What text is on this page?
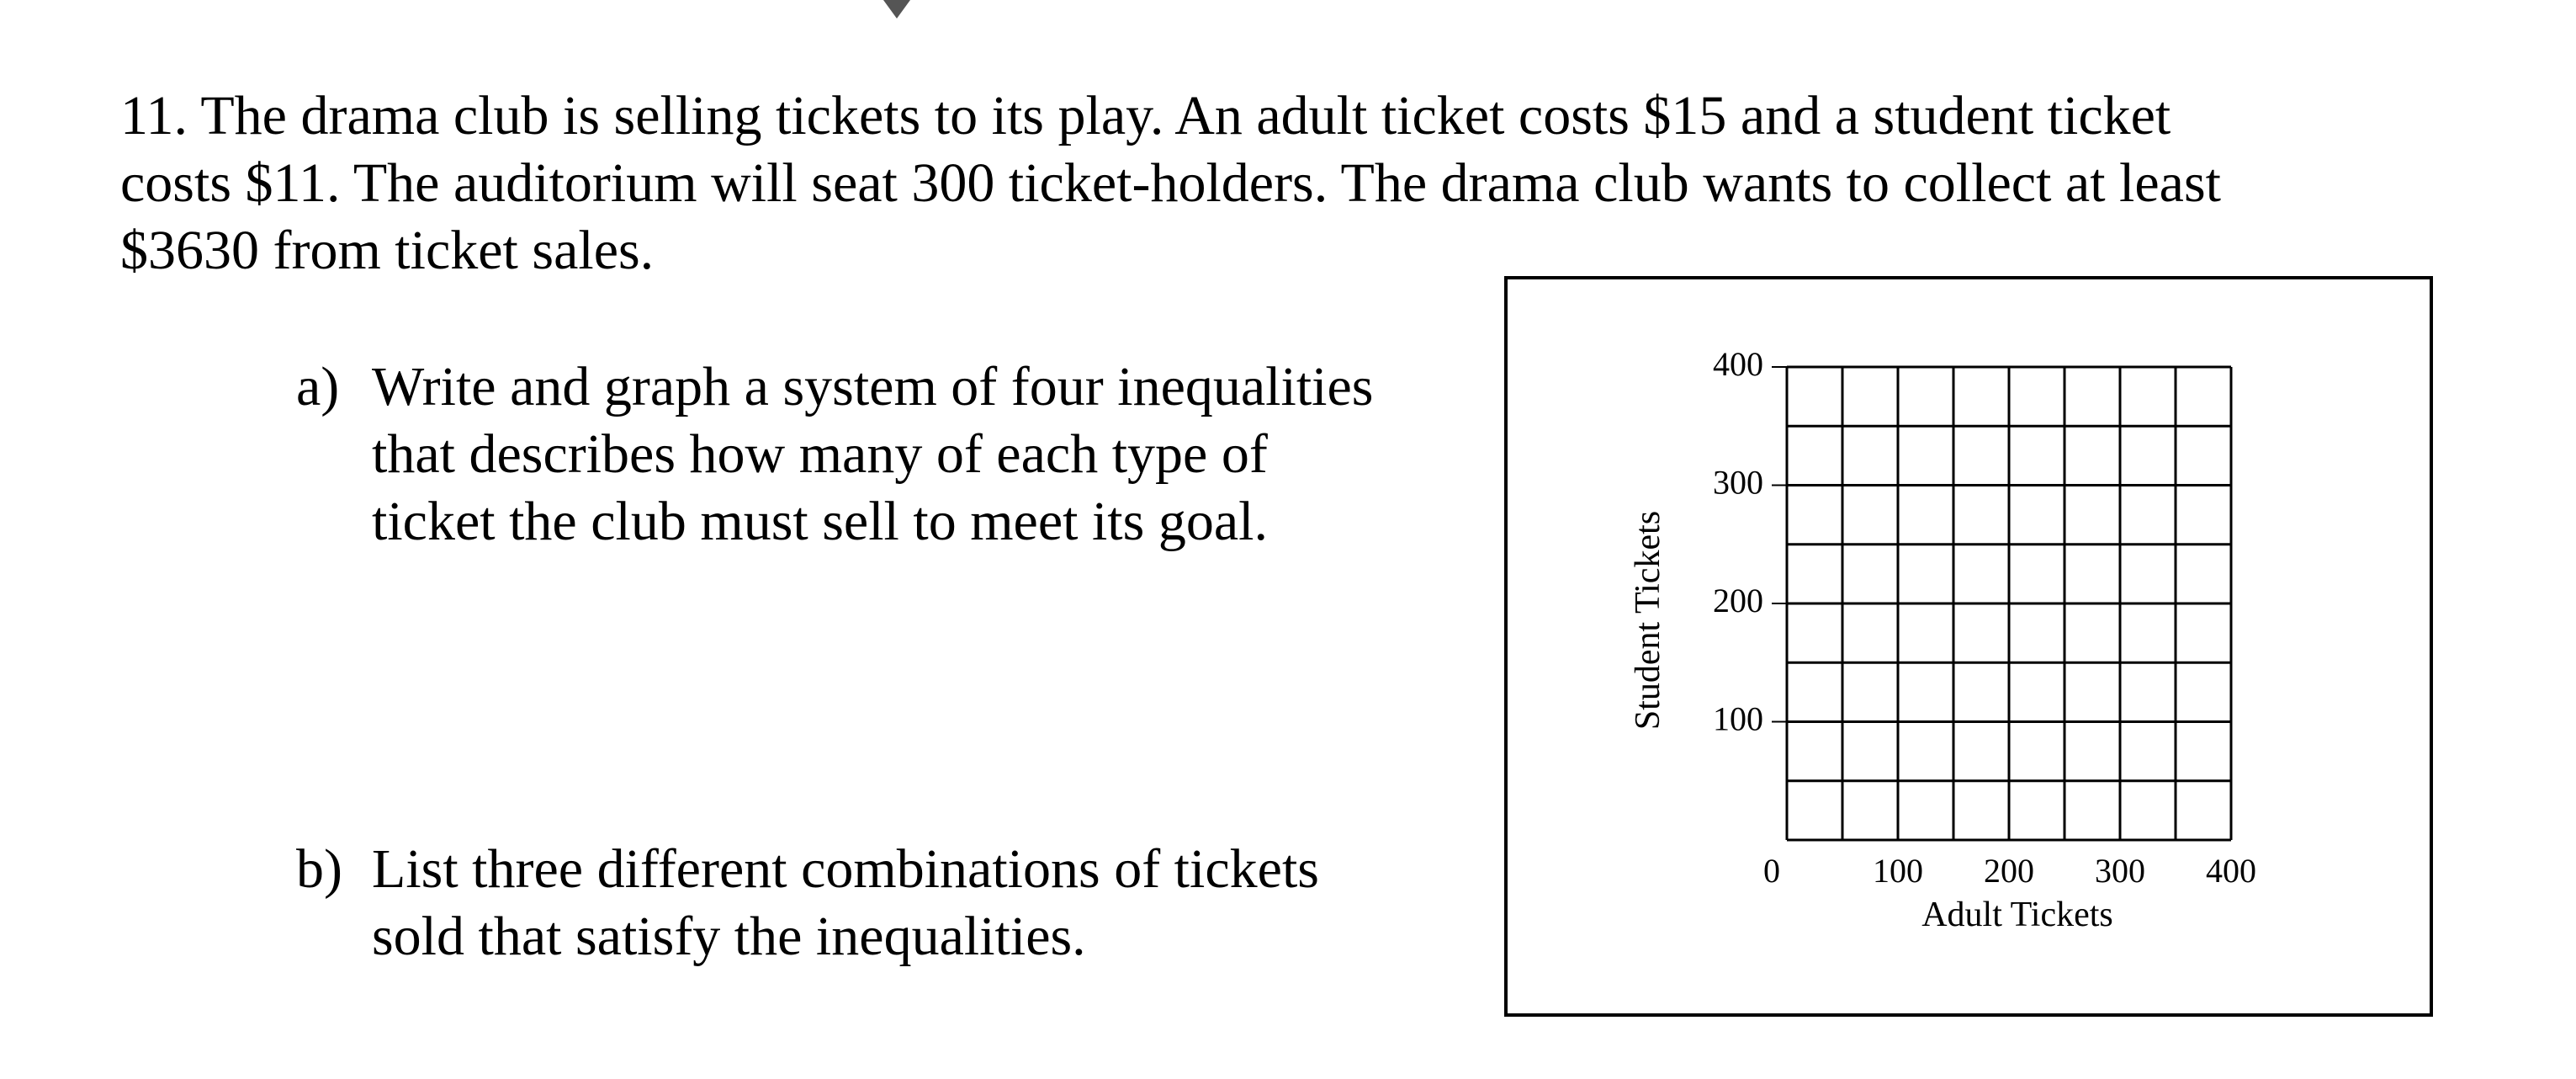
11. The drama club is selling tickets to its play. An adult ticket costs $15 and a student ticket
costs $11. The auditorium will seat 300 ticket-holders. The drama club wants to collect at least
$3630 from ticket sales.
a) Write and graph a system of four inequalities
that describes how many of each type of
ticket the club must sell to meet its goal.
b) List three different combinations of tickets
sold that satisfy the inequalities.
100
200
300
400
0	100 200 300 400
Adult Tickets
Student Tickets
